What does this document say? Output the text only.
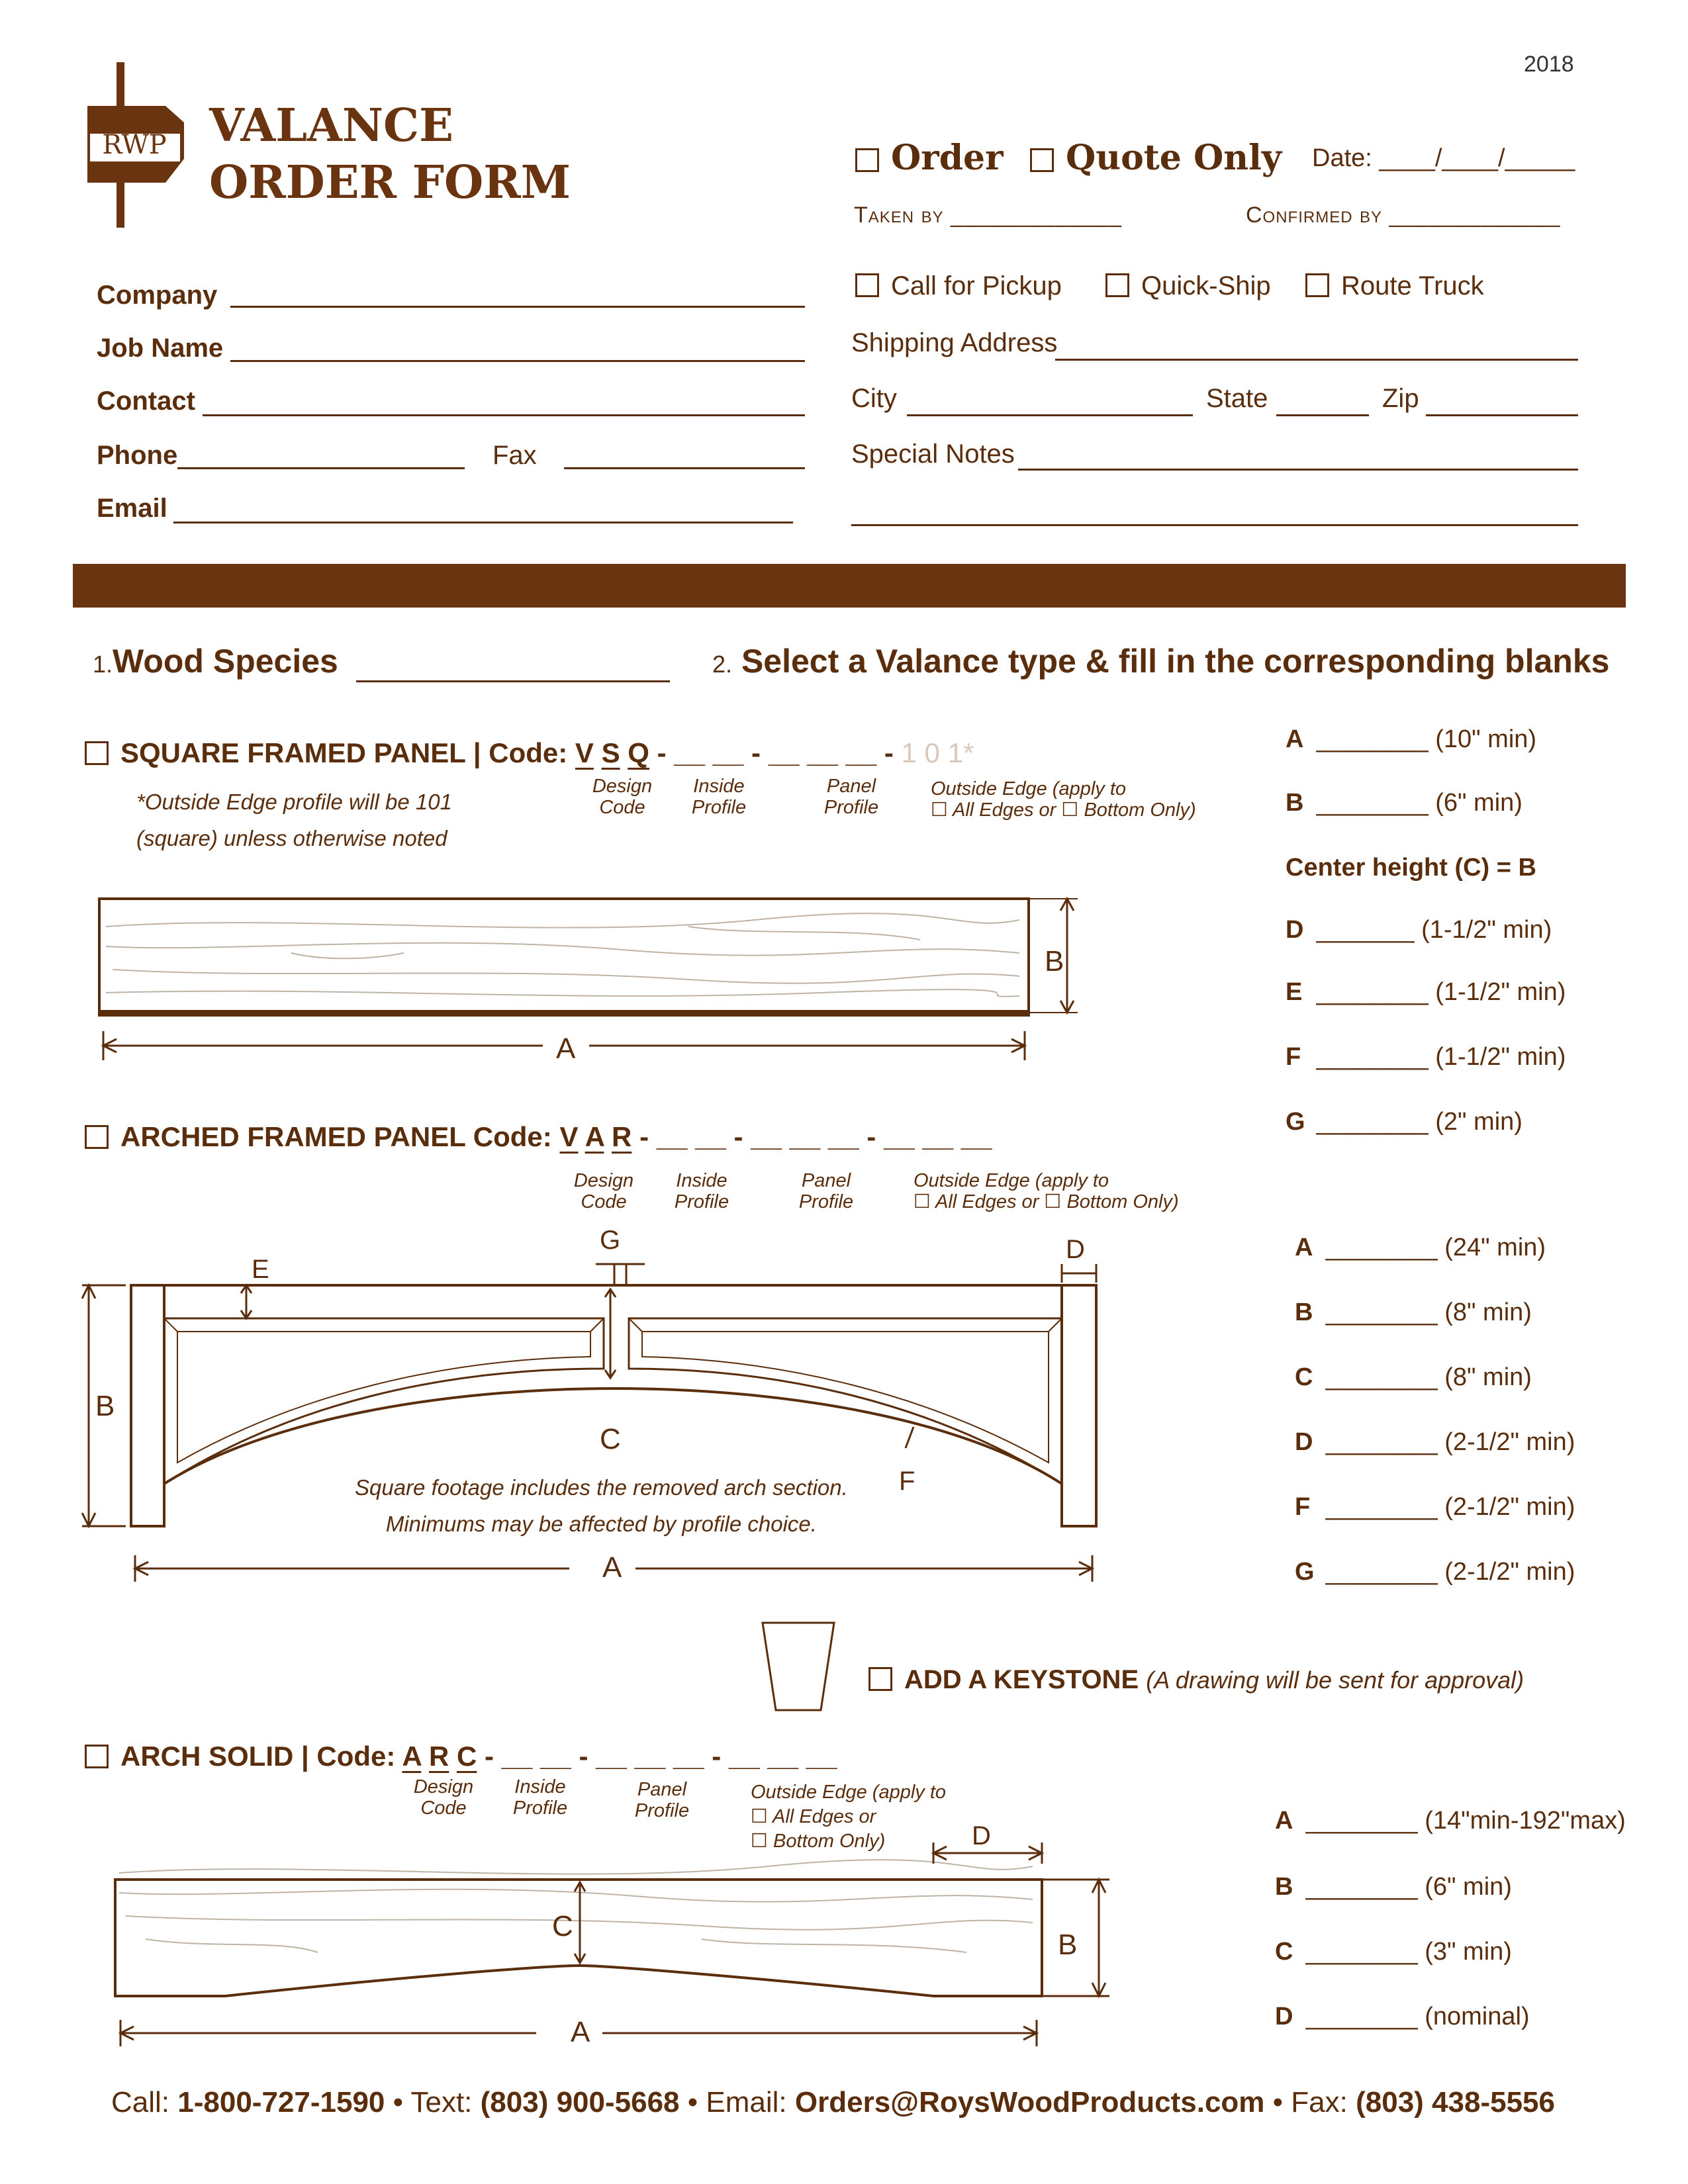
2018
RWP VALANCE
ORDER FORM	Order	Quote Only Date: ____/____/_____
Taken by _____________	Confirmed by _____________
Company
Job Name
Contact
Phone	Fax
Email
Call for Pickup	Quick-Ship	Route Truck
Shipping Address
City	State	Zip
Special Notes
1.Wood Species	2. Select a Valance type & fill in the corresponding blanks
SQUARE FRAMED PANEL | Code: V S Q - __ __ - __ __ __ - 1 0 1*
Design
Code
Inside
Profile
Panel
Profile
Outside Edge (apply to
☐ All Edges or ☐ Bottom Only)
*Outside Edge profile will be 101
(square) unless otherwise noted
A
B
A ________ (10" min)
B ________ (6" min)
Center height (C) = B
D _______ (1-1/2" min)
E ________ (1-1/2" min)
F ________ (1-1/2" min)
G ________ (2" min)
ARCHED FRAMED PANEL Code: V A R - __ __ - __ __ __ - __ __ __
Design
Code
Inside
Profile
Panel
Profile
Outside Edge (apply to
☐ All Edges or ☐ Bottom Only)
A
B
C
D
E
F
G
Square footage includes the removed arch section.
Minimums may be affected by profile choice.
A ________ (24" min)
B ________ (8" min)
C ________ (8" min)
D ________ (2-1/2" min)
F ________ (2-1/2" min)
G ________ (2-1/2" min)
ADD A KEYSTONE (A drawing will be sent for approval)
ARCH SOLID | Code: A R C - __ __ - __ __ __ - __ __ __
Design
Code
Inside
Profile
Panel
Profile
Outside Edge (apply to
☐ All Edges or
☐ Bottom Only)
A
B
C
D
A ________ (14"min-192"max)
B ________ (6" min)
C ________ (3" min)
D ________ (nominal)
Call: 1-800-727-1590 • Text: (803) 900-5668 • Email: Orders@RoysWoodProducts.com • Fax: (803) 438-5556
